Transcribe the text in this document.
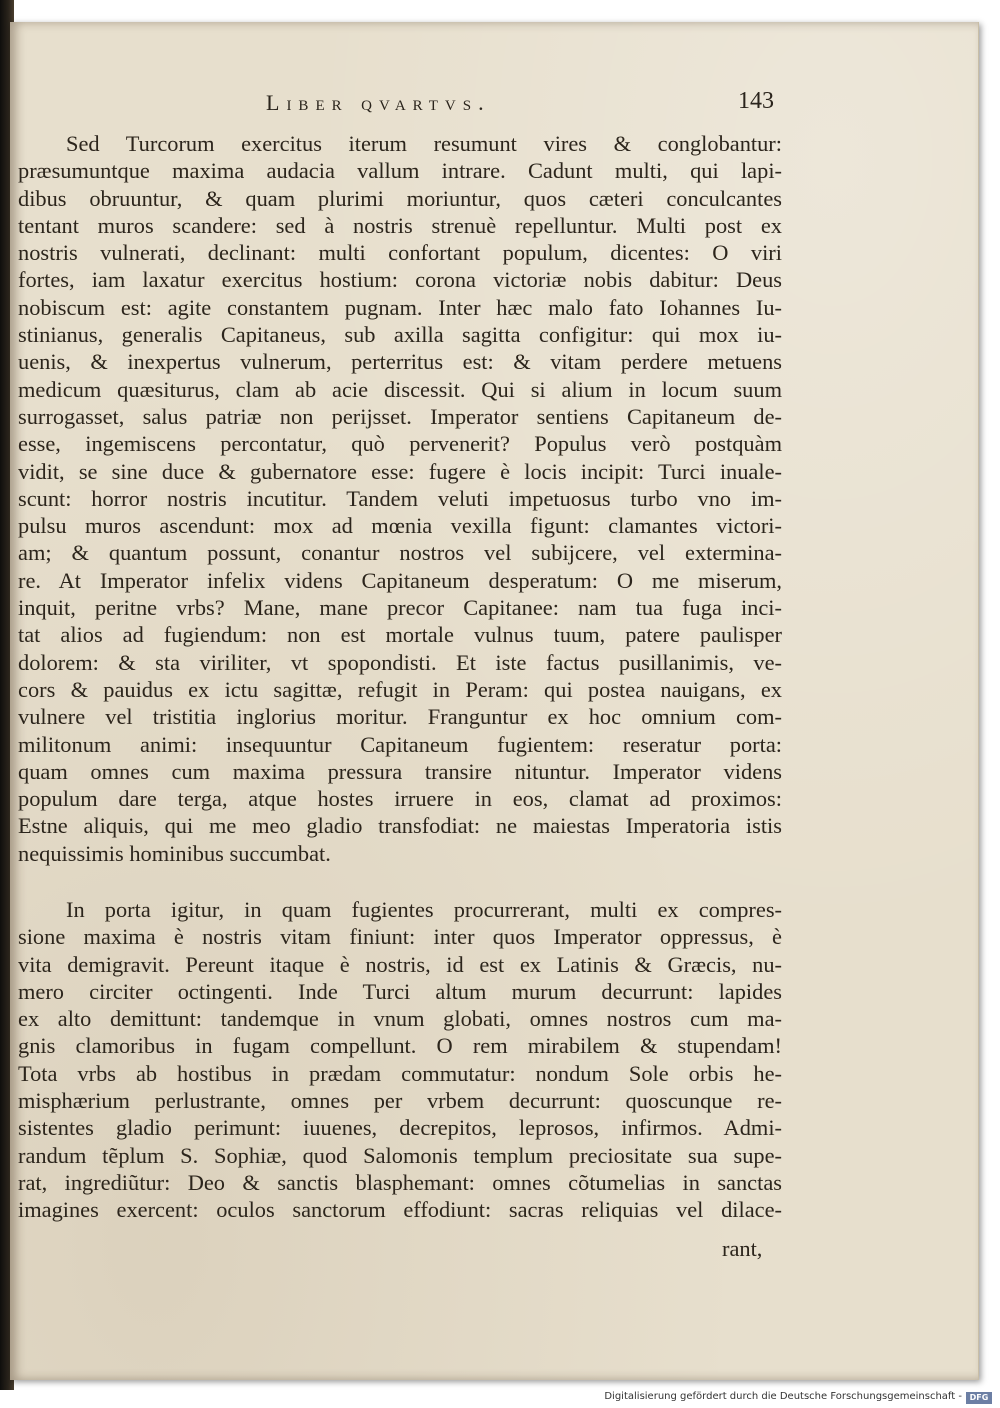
Liber qvartvs.	143
Sed Turcorum exercitus iterum resumunt vires & conglobantur:
præsumuntque maxima audacia vallum intrare. Cadunt multi, qui lapi-
dibus obruuntur, & quam plurimi moriuntur, quos cæteri conculcantes
tentant muros scandere: sed à nostris strenuè repelluntur. Multi post ex
nostris vulnerati, declinant: multi confortant populum, dicentes: O viri
fortes, iam laxatur exercitus hostium: corona victoriæ nobis dabitur: Deus
nobiscum est: agite constantem pugnam. Inter hæc malo fato Iohannes Iu-
stinianus, generalis Capitaneus, sub axilla sagitta configitur: qui mox iu-
uenis, & inexpertus vulnerum, perterritus est: & vitam perdere metuens
medicum quæsiturus, clam ab acie discessit. Qui si alium in locum suum
surrogasset, salus patriæ non perijsset. Imperator sentiens Capitaneum de-
esse, ingemiscens percontatur, quò pervenerit? Populus verò postquàm
vidit, se sine duce & gubernatore esse: fugere è locis incipit: Turci inuale-
scunt: horror nostris incutitur. Tandem veluti impetuosus turbo vno im-
pulsu muros ascendunt: mox ad mœnia vexilla figunt: clamantes victori-
am; & quantum possunt, conantur nostros vel subijcere, vel extermina-
re. At Imperator infelix videns Capitaneum desperatum: O me miserum,
inquit, peritne vrbs? Mane, mane precor Capitanee: nam tua fuga inci-
tat alios ad fugiendum: non est mortale vulnus tuum, patere paulisper
dolorem: & sta viriliter, vt spopondisti. Et iste factus pusillanimis, ve-
cors & pauidus ex ictu sagittæ, refugit in Peram: qui postea nauigans, ex
vulnere vel tristitia inglorius moritur. Franguntur ex hoc omnium com-
militonum animi: insequuntur Capitaneum fugientem: reseratur porta:
quam omnes cum maxima pressura transire nituntur. Imperator videns
populum dare terga, atque hostes irruere in eos, clamat ad proximos:
Estne aliquis, qui me meo gladio transfodiat: ne maiestas Imperatoria istis
nequissimis hominibus succumbat.
In porta igitur, in quam fugientes procurrerant, multi ex compres-
sione maxima è nostris vitam finiunt: inter quos Imperator oppressus, è
vita demigravit. Pereunt itaque è nostris, id est ex Latinis & Græcis, nu-
mero circiter octingenti. Inde Turci altum murum decurrunt: lapides
ex alto demittunt: tandemque in vnum globati, omnes nostros cum ma-
gnis clamoribus in fugam compellunt. O rem mirabilem & stupendam!
Tota vrbs ab hostibus in prædam commutatur: nondum Sole orbis he-
misphærium perlustrante, omnes per vrbem decurrunt: quoscunque re-
sistentes gladio perimunt: iuuenes, decrepitos, leprosos, infirmos. Admi-
randum tẽplum S. Sophiæ, quod Salomonis templum preciositate sua supe-
rat, ingrediũtur: Deo & sanctis blasphemant: omnes cõtumelias in sanctas
imagines exercent: oculos sanctorum effodiunt: sacras reliquias vel dilace-
rant,
Digitalisierung gefördert durch die Deutsche Forschungsgemeinschaft - DFG
